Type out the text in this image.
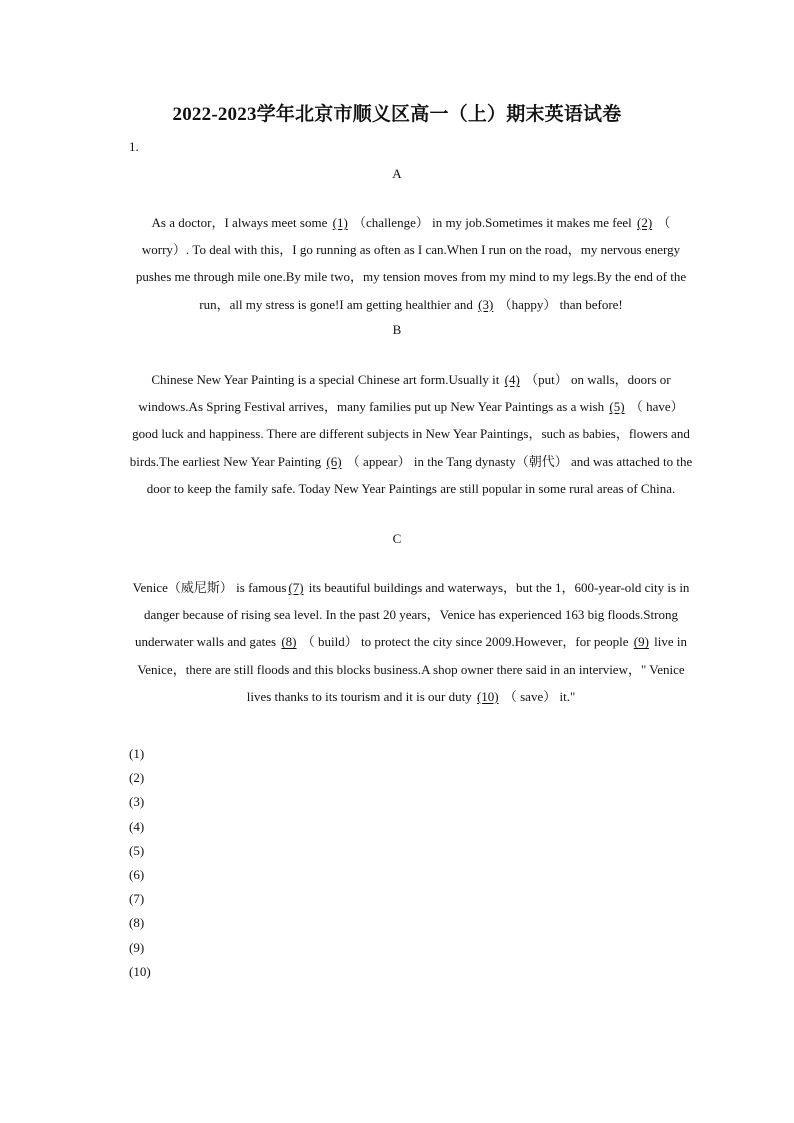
2022-2023学年北京市顺义区高一（上）期末英语试卷
1.
A
As a doctor，I always meet some (1) （challenge） in my job.Sometimes it makes me feel (2) （ worry）. To deal with this，I go running as often as I can.When I run on the road，my nervous energy pushes me through mile one.By mile two，my tension moves from my mind to my legs.By the end of the run，all my stress is gone!I am getting healthier and (3) （happy） than before!
B
Chinese New Year Painting is a special Chinese art form.Usually it (4) （put） on walls，doors or windows.As Spring Festival arrives，many families put up New Year Paintings as a wish (5) （ have） good luck and happiness. There are different subjects in New Year Paintings，such as babies，flowers and birds.The earliest New Year Painting (6) （ appear） in the Tang dynasty（朝代） and was attached to the door to keep the family safe. Today New Year Paintings are still popular in some rural areas of China.
C
Venice（威尼斯） is famous (7) its beautiful buildings and waterways，but the 1，600-year-old city is in danger because of rising sea level. In the past 20 years，Venice has experienced 163 big floods.Strong underwater walls and gates (8) （ build） to protect the city since 2009.However，for people (9) live in Venice，there are still floods and this blocks business.A shop owner there said in an interview，" Venice lives thanks to its tourism and it is our duty (10) （ save） it."
(1)
(2)
(3)
(4)
(5)
(6)
(7)
(8)
(9)
(10)
